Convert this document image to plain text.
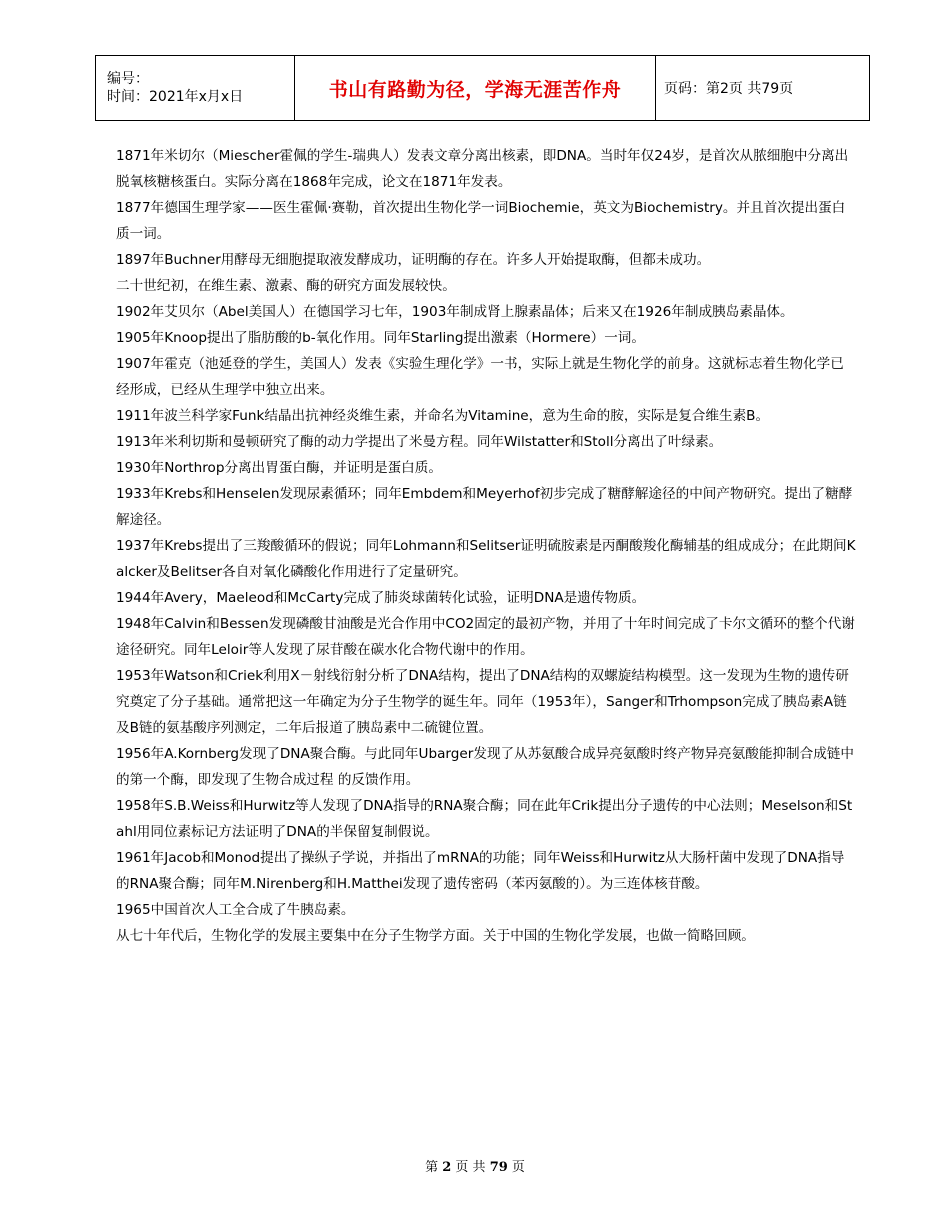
编号：
时间：2021年x月x日	书山有路勤为径，学海无涯苦作舟	页码：第2页 共79页

1871年米切尔（Miescher霍佩的学生-瑞典人）发表文章分离出核素，即DNA。当时年仅24岁，是首次从脓细胞中分离出脱氧核糖核蛋白。实际分离在1868年完成，论文在1871年发表。

1877年德国生理学家——医生霍佩·赛勒，首次提出生物化学一词Biochemie，英文为Biochemistry。并且首次提出蛋白质一词。

1897年Buchner用酵母无细胞提取液发酵成功，证明酶的存在。许多人开始提取酶，但都未成功。

二十世纪初，在维生素、激素、酶的研究方面发展较快。

1902年艾贝尔（Abel美国人）在德国学习七年，1903年制成肾上腺素晶体；后来又在1926年制成胰岛素晶体。

1905年Knoop提出了脂肪酸的b-氧化作用。同年Starling提出激素（Hormere）一词。

1907年霍克（池延登的学生，美国人）发表《实验生理化学》一书，实际上就是生物化学的前身。这就标志着生物化学已经形成，已经从生理学中独立出来。

1911年波兰科学家Funk结晶出抗神经炎维生素，并命名为Vitamine，意为生命的胺，实际是复合维生素B。

1913年米利切斯和曼顿研究了酶的动力学提出了米曼方程。同年Wilstatter和Stoll分离出了叶绿素。

1930年Northrop分离出胃蛋白酶，并证明是蛋白质。

1933年Krebs和Henselen发现尿素循环；同年Embdem和Meyerhof初步完成了糖酵解途径的中间产物研究。提出了糖酵解途径。

1937年Krebs提出了三羧酸循环的假说；同年Lohmann和Selitser证明硫胺素是丙酮酸羧化酶辅基的组成成分；在此期间Kalcker及Belitser各自对氧化磷酸化作用进行了定量研究。

1944年Avery，Maeleod和McCarty完成了肺炎球菌转化试验，证明DNA是遗传物质。

1948年Calvin和Bessen发现磷酸甘油酸是光合作用中CO2固定的最初产物，并用了十年时间完成了卡尔文循环的整个代谢途径研究。同年Leloir等人发现了尿苷酸在碳水化合物代谢中的作用。

1953年Watson和Criek利用X－射线衍射分析了DNA结构，提出了DNA结构的双螺旋结构模型。这一发现为生物的遗传研究奠定了分子基础。通常把这一年确定为分子生物学的诞生年。同年（1953年），Sanger和Trhompson完成了胰岛素A链及B链的氨基酸序列测定，二年后报道了胰岛素中二硫键位置。

1956年A.Kornberg发现了DNA聚合酶。与此同年Ubarger发现了从苏氨酸合成异亮氨酸时终产物异亮氨酸能抑制合成链中的第一个酶，即发现了生物合成过程 的反馈作用。

1958年S.B.Weiss和Hurwitz等人发现了DNA指导的RNA聚合酶；同在此年Crik提出分子遗传的中心法则；Meselson和Stahl用同位素标记方法证明了DNA的半保留复制假说。

1961年Jacob和Monod提出了操纵子学说，并指出了mRNA的功能；同年Weiss和Hurwitz从大肠杆菌中发现了DNA指导的RNA聚合酶；同年M.Nirenberg和H.Matthei发现了遗传密码（苯丙氨酸的）。为三连体核苷酸。

1965中国首次人工全合成了牛胰岛素。

从七十年代后，生物化学的发展主要集中在分子生物学方面。关于中国的生物化学发展，也做一简略回顾。

第 2 页 共 79 页
